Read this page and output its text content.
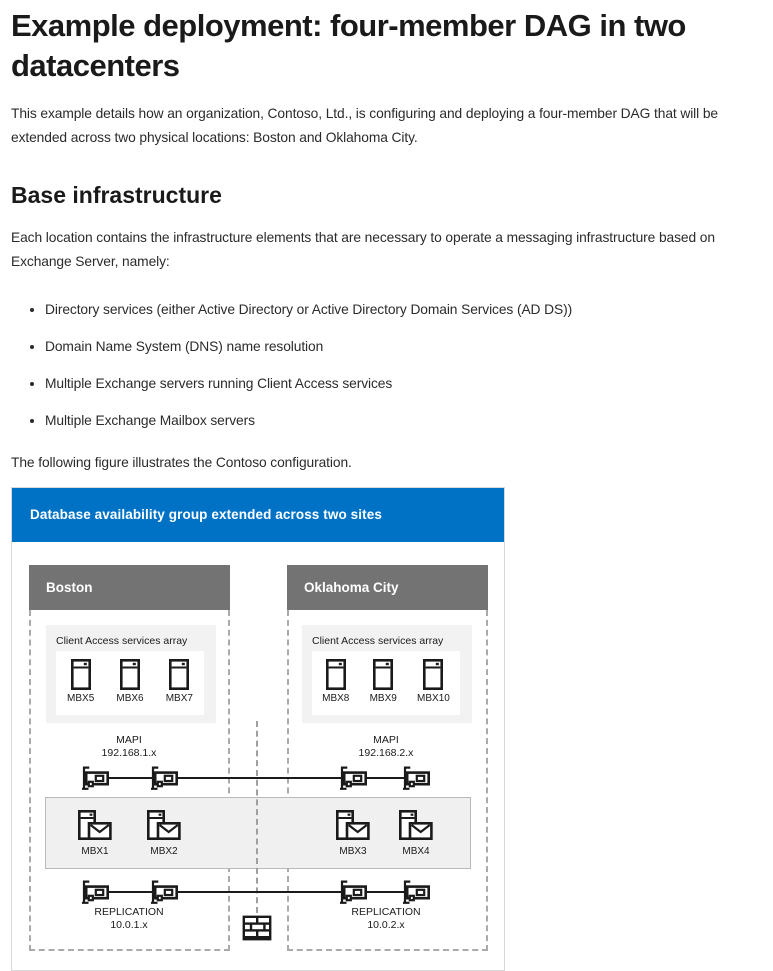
Example deployment: four-member DAG in two datacenters

This example details how an organization, Contoso, Ltd., is configuring and deploying a four-member DAG that will be extended across two physical locations: Boston and Oklahoma City.

Base infrastructure

Each location contains the infrastructure elements that are necessary to operate a messaging infrastructure based on Exchange Server, namely:

• Directory services (either Active Directory or Active Directory Domain Services (AD DS))
• Domain Name System (DNS) name resolution
• Multiple Exchange servers running Client Access services
• Multiple Exchange Mailbox servers

The following figure illustrates the Contoso configuration.

Database availability group extended across two sites
Boston	Oklahoma City
Client Access services array
MBX5 MBX6 MBX7
Client Access services array
MBX8 MBX9 MBX10
MAPI
192.168.1.x
MAPI
192.168.2.x
MBX1	MBX2	MBX3	MBX4
REPLICATION
10.0.1.x
REPLICATION
10.0.2.x
